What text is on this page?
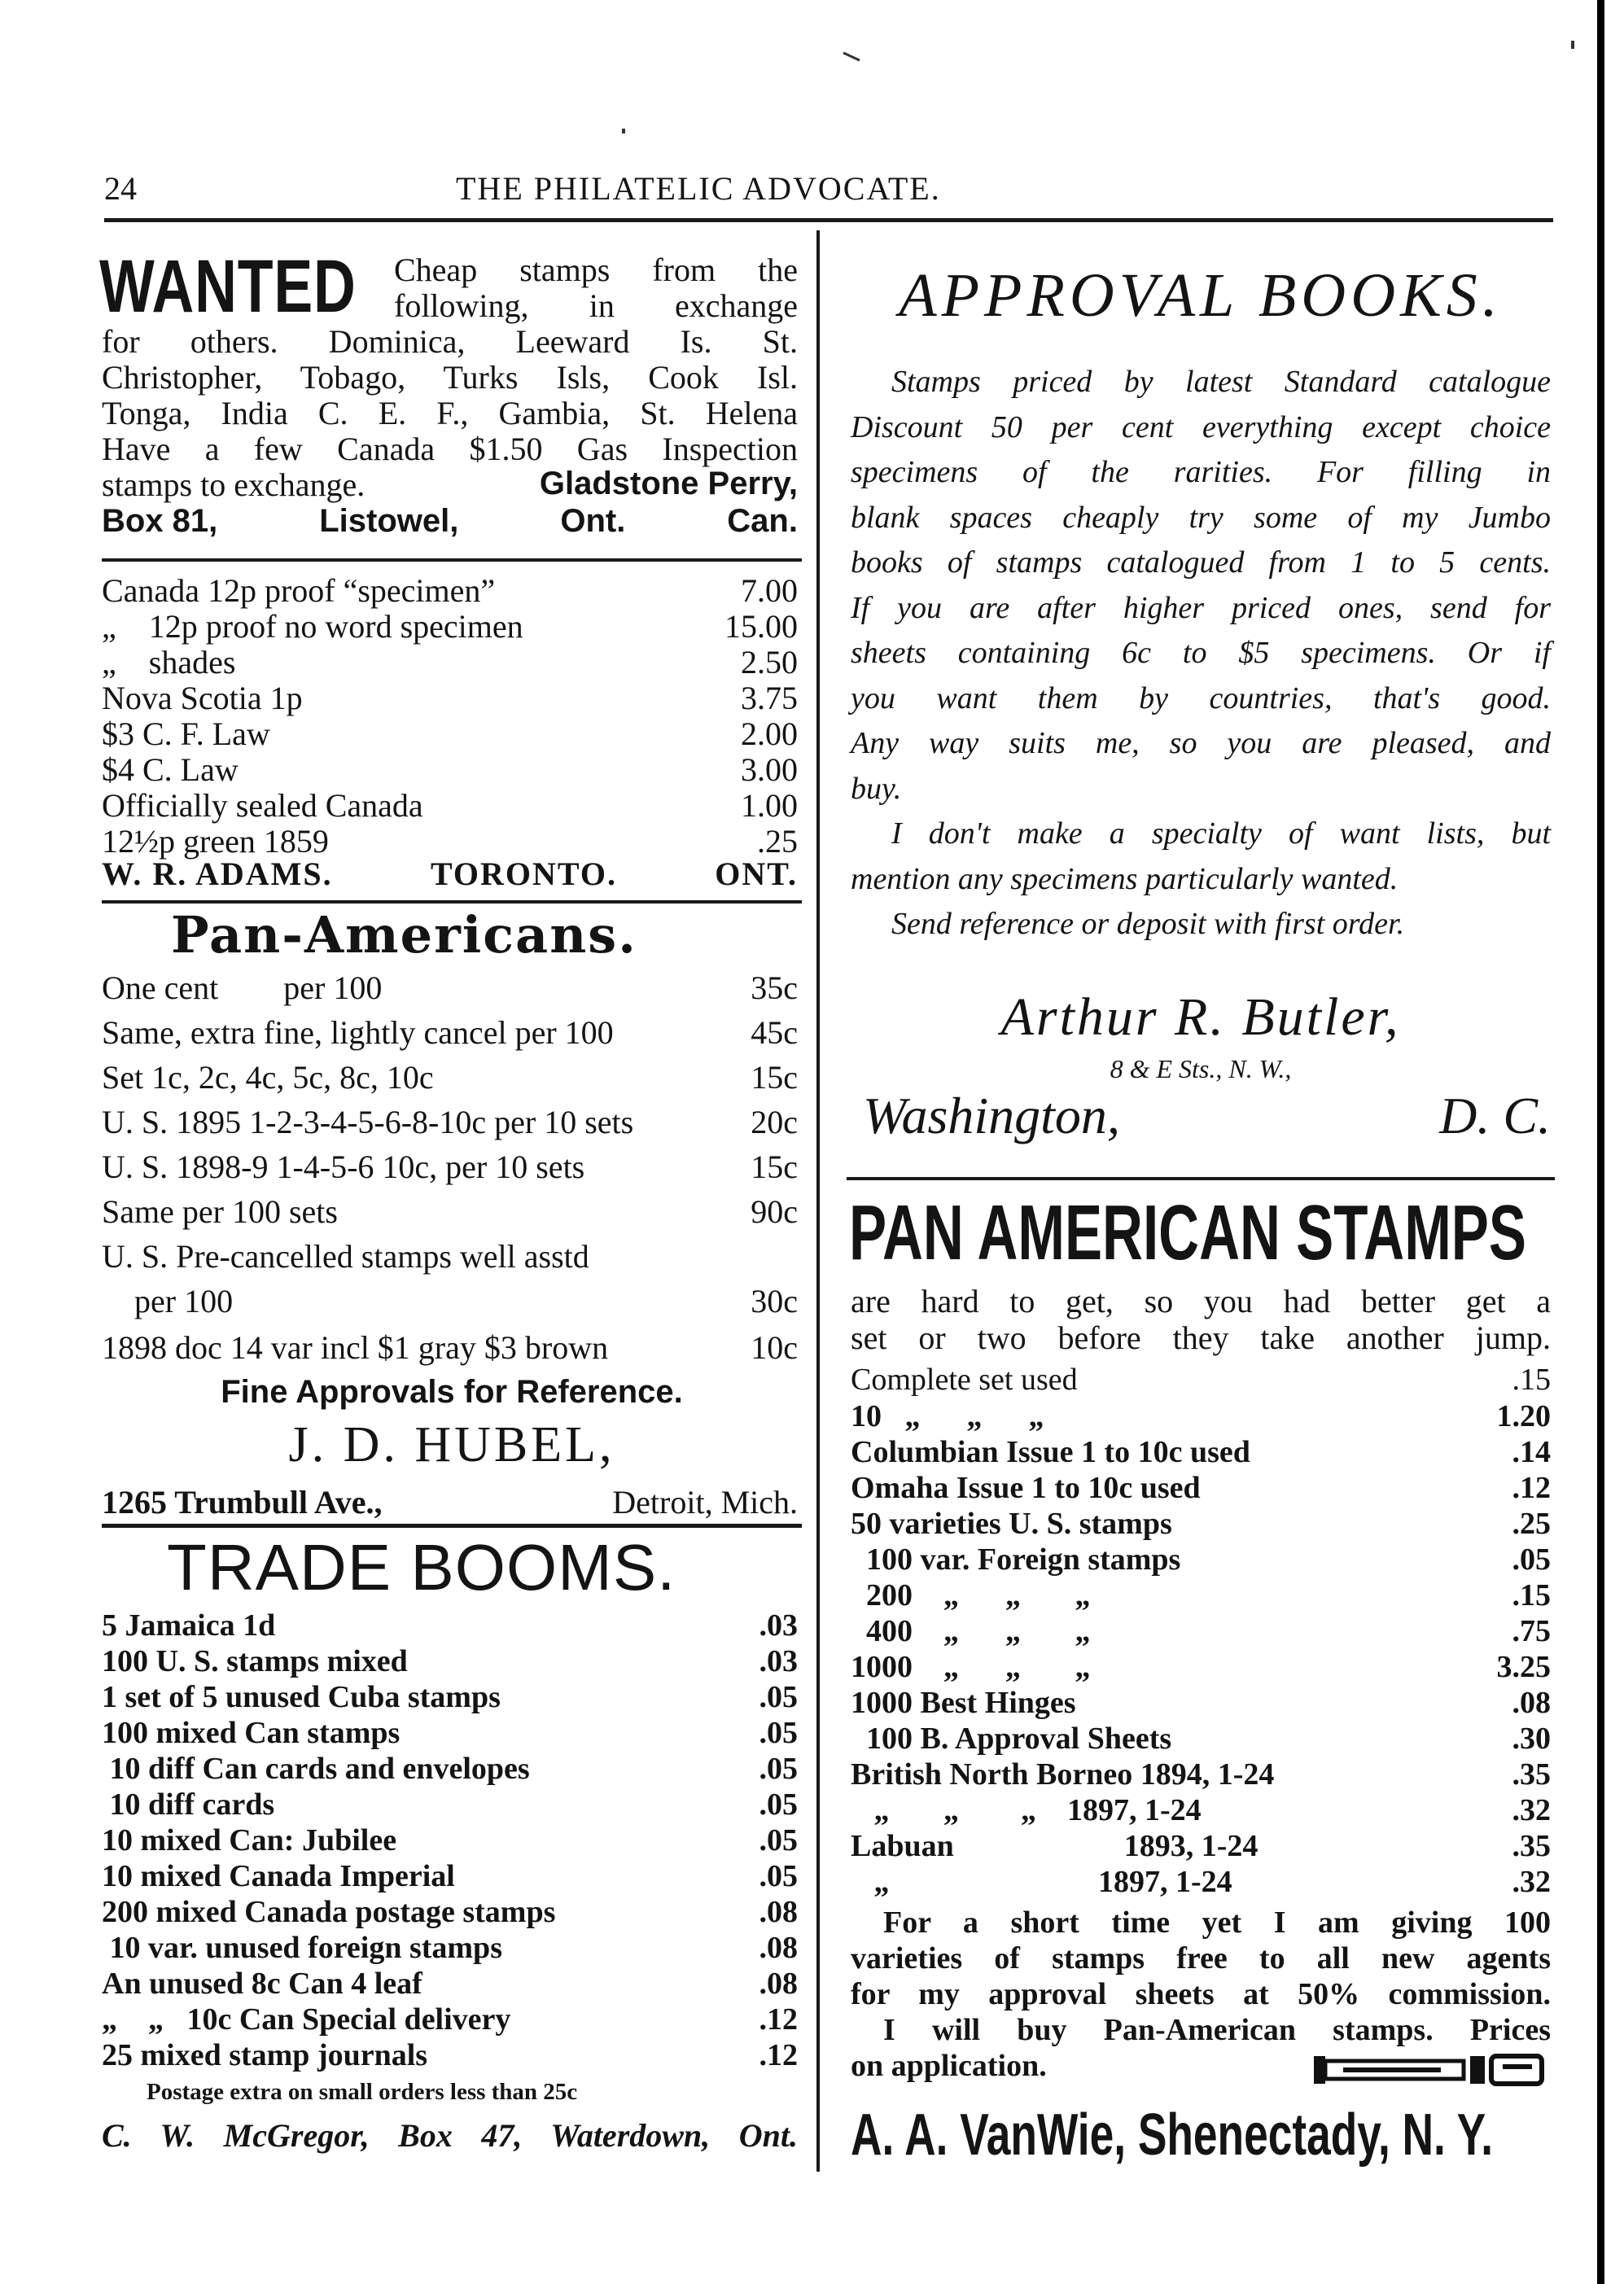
24	THE PHILATELIC ADVOCATE.
WANTED	Cheap stamps from the
following, in exchange
for others. Dominica, Leeward Is. St.
Christopher, Tobago, Turks Isls, Cook Isl.
Tonga, India C. E. F., Gambia, St. Helena
Have a few Canada $1.50 Gas Inspection
stamps to exchange.	Gladstone Perry,
Box 81,	Listowel,	Ont.	Can.
Canada 12p proof “specimen”	7.00
„    12p proof no word specimen	15.00
„    shades	2.50
Nova Scotia 1p	3.75
$3 C. F. Law	2.00
$4 C. Law	3.00
Officially sealed Canada	1.00
12½p green 1859	.25
W. R. ADAMS.	TORONTO.	ONT.
Pan-Americans.
One cent        per 100	35c
Same, extra fine, lightly cancel per 100	45c
Set 1c, 2c, 4c, 5c, 8c, 10c	15c
U. S. 1895 1-2-3-4-5-6-8-10c per 10 sets	20c
U. S. 1898-9 1-4-5-6 10c, per 10 sets	15c
Same per 100 sets	90c
U. S. Pre-cancelled stamps well asstd
per 100	30c
1898 doc 14 var incl $1 gray $3 brown	10c
Fine Approvals for Reference.
J. D. HUBEL,
1265 Trumbull Ave.,	Detroit, Mich.
TRADE BOOMS.
5 Jamaica 1d	.03
100 U. S. stamps mixed	.03
1 set of 5 unused Cuba stamps	.05
100 mixed Can stamps	.05
10 diff Can cards and envelopes	.05
10 diff cards	.05
10 mixed Can: Jubilee	.05
10 mixed Canada Imperial	.05
200 mixed Canada postage stamps	.08
10 var. unused foreign stamps	.08
An unused 8c Can 4 leaf	.08
„    „   10c Can Special delivery	.12
25 mixed stamp journals	.12
Postage extra on small orders less than 25c
C. W. McGregor, Box 47, Waterdown, Ont.
APPROVAL BOOKS.
Stamps priced by latest Standard catalogue
Discount 50 per cent everything except choice
specimens of the rarities. For filling in
blank spaces cheaply try some of my Jumbo
books of stamps catalogued from 1 to 5 cents.
If you are after higher priced ones, send for
sheets containing 6c to $5 specimens. Or if
you want them by countries, that's good.
Any way suits me, so you are pleased, and
buy.
I don't make a specialty of want lists, but
mention any specimens particularly wanted.
Send reference or deposit with first order.
Arthur R. Butler,
8 & E Sts., N. W.,
Washington,	D. C.
PAN AMERICAN STAMPS
are hard to get, so you had better get a
set or two before they take another jump.
Complete set used	.15
10   „      „      „	1.20
Columbian Issue 1 to 10c used	.14
Omaha Issue 1 to 10c used	.12
50 varieties U. S. stamps	.25
100 var. Foreign stamps	.05
200    „      „       „	.15
400    „      „       „	.75
1000    „      „       „	3.25
1000 Best Hinges	.08
100 B. Approval Sheets	.30
British North Borneo 1894, 1-24	.35
„       „        „    1897, 1-24	.32
Labuan                      1893, 1-24	.35
„                           1897, 1-24	.32
For a short time yet I am giving 100
varieties of stamps free to all new agents
for my approval sheets at 50% commission.
I will buy Pan-American stamps. Prices
on application.
A. A. VanWie, Shenectady, N. Y.
